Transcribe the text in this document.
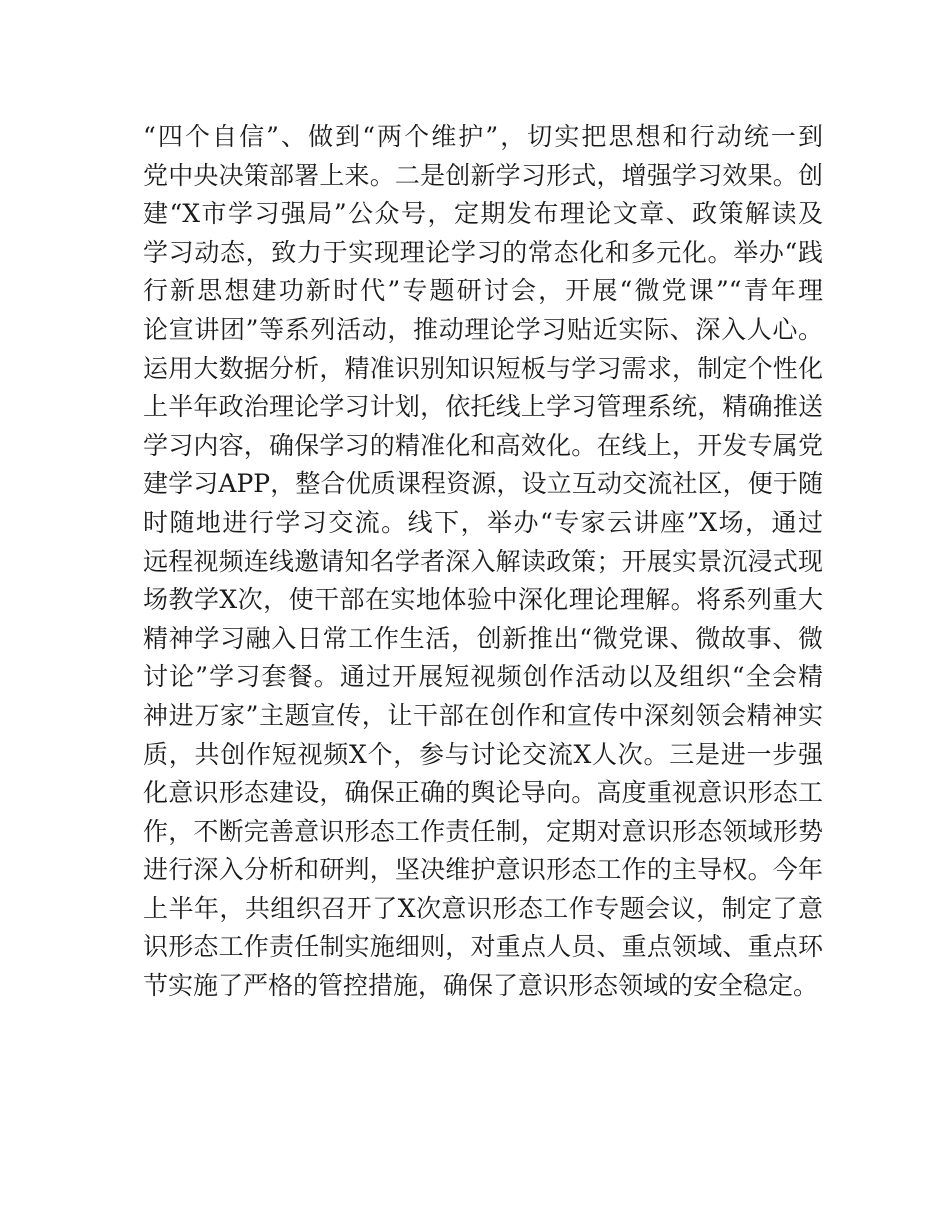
“四个自信”、做到“两个维护”，切实把思想和行动统一到
党中央决策部署上来。二是创新学习形式，增强学习效果。创
建“X市学习强局”公众号，定期发布理论文章、政策解读及
学习动态，致力于实现理论学习的常态化和多元化。举办“践
行新思想建功新时代”专题研讨会，开展“微党课”“青年理
论宣讲团”等系列活动，推动理论学习贴近实际、深入人心。
运用大数据分析，精准识别知识短板与学习需求，制定个性化
上半年政治理论学习计划，依托线上学习管理系统，精确推送
学习内容，确保学习的精准化和高效化。在线上，开发专属党
建学习APP，整合优质课程资源，设立互动交流社区，便于随
时随地进行学习交流。线下，举办“专家云讲座”X场，通过
远程视频连线邀请知名学者深入解读政策；开展实景沉浸式现
场教学X次，使干部在实地体验中深化理论理解。将系列重大
精神学习融入日常工作生活，创新推出“微党课、微故事、微
讨论”学习套餐。通过开展短视频创作活动以及组织“全会精
神进万家”主题宣传，让干部在创作和宣传中深刻领会精神实
质，共创作短视频X个，参与讨论交流X人次。三是进一步强
化意识形态建设，确保正确的舆论导向。高度重视意识形态工
作，不断完善意识形态工作责任制，定期对意识形态领域形势
进行深入分析和研判，坚决维护意识形态工作的主导权。今年
上半年，共组织召开了X次意识形态工作专题会议，制定了意
识形态工作责任制实施细则，对重点人员、重点领域、重点环
节实施了严格的管控措施，确保了意识形态领域的安全稳定。
